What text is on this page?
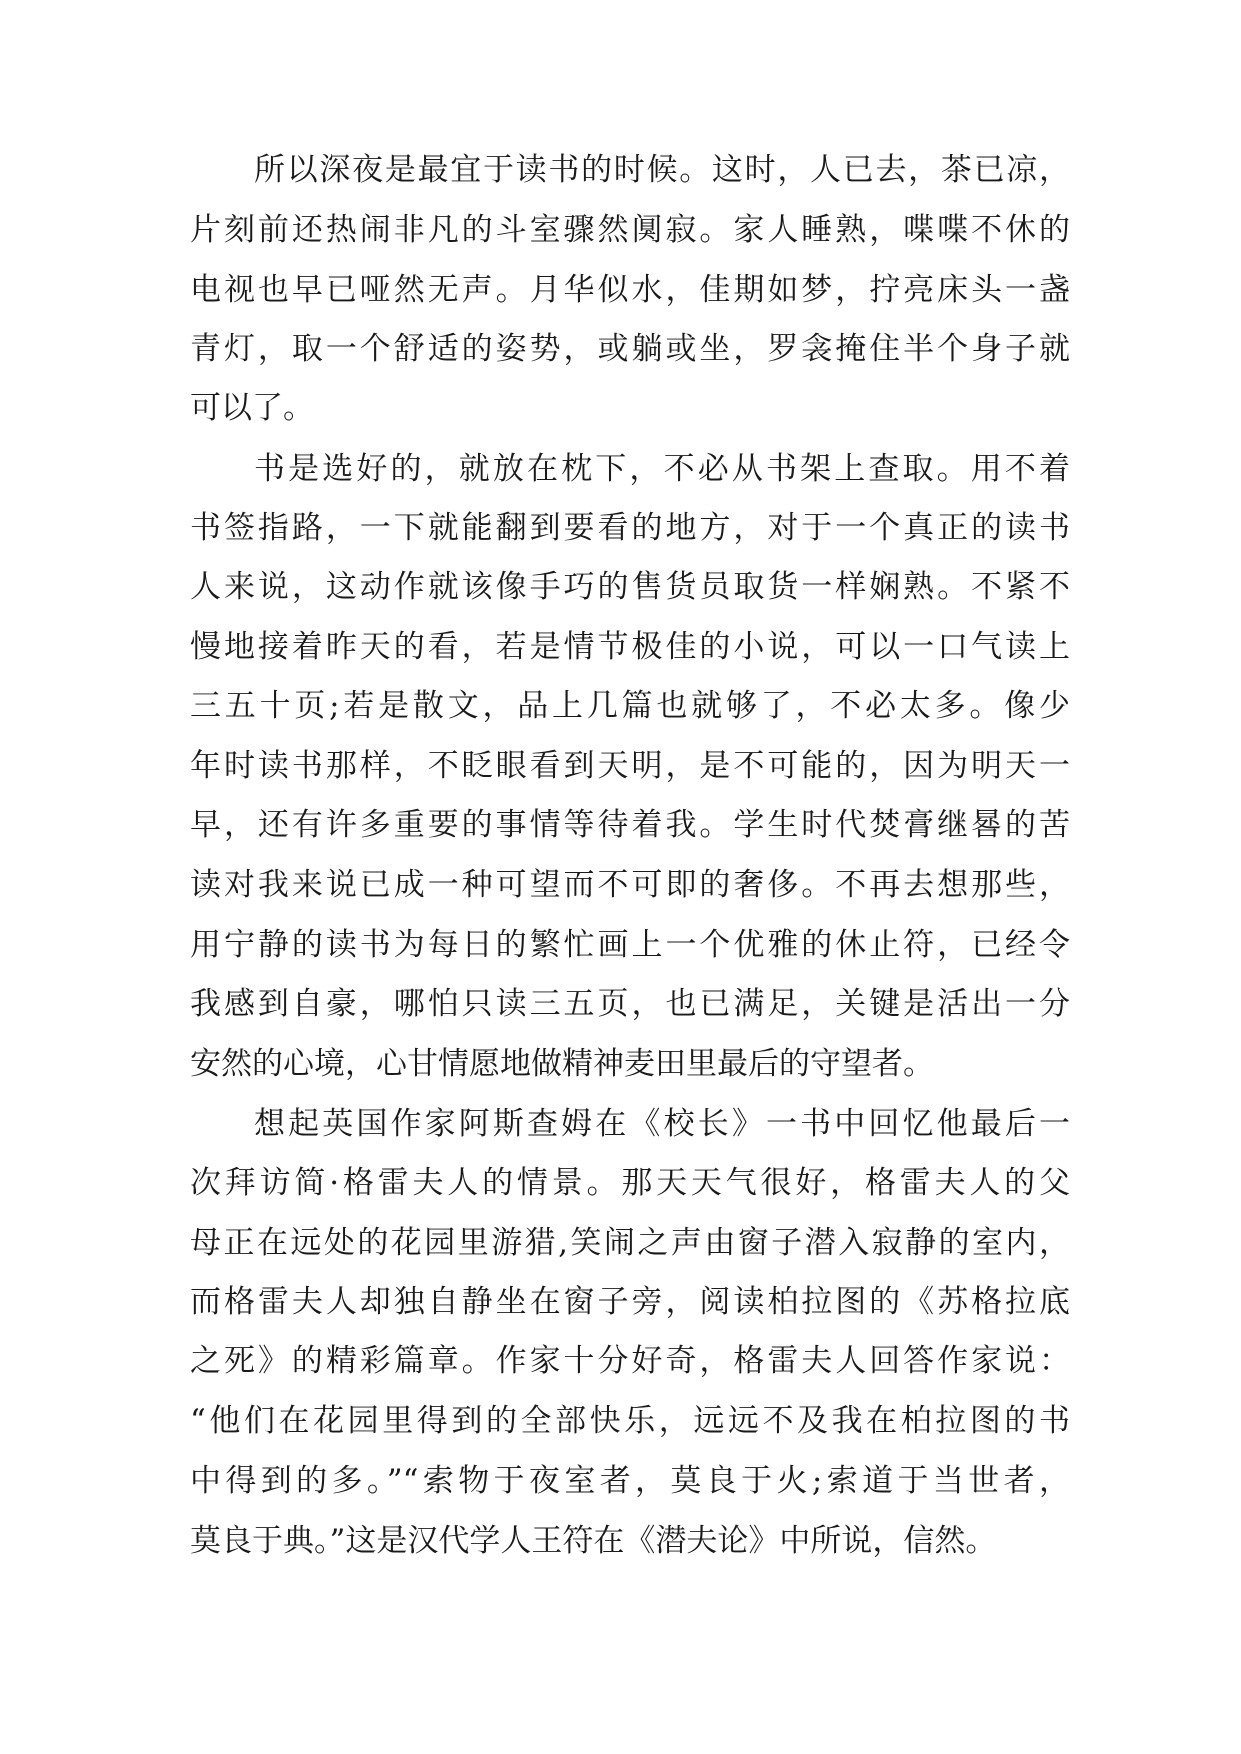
所以深夜是最宜于读书的时候。这时，人已去，茶已凉，
片刻前还热闹非凡的斗室骤然阒寂。家人睡熟，喋喋不休的
电视也早已哑然无声。月华似水，佳期如梦，拧亮床头一盏
青灯，取一个舒适的姿势，或躺或坐，罗衾掩住半个身子就
可以了。
书是选好的，就放在枕下，不必从书架上查取。用不着
书签指路，一下就能翻到要看的地方，对于一个真正的读书
人来说，这动作就该像手巧的售货员取货一样娴熟。不紧不
慢地接着昨天的看，若是情节极佳的小说，可以一口气读上
三五十页;若是散文，品上几篇也就够了，不必太多。像少
年时读书那样，不眨眼看到天明，是不可能的，因为明天一
早，还有许多重要的事情等待着我。学生时代焚膏继晷的苦
读对我来说已成一种可望而不可即的奢侈。不再去想那些，
用宁静的读书为每日的繁忙画上一个优雅的休止符，已经令
我感到自豪，哪怕只读三五页，也已满足，关键是活出一分
安然的心境，心甘情愿地做精神麦田里最后的守望者。
想起英国作家阿斯查姆在《校长》一书中回忆他最后一
次拜访简·格雷夫人的情景。那天天气很好，格雷夫人的父
母正在远处的花园里游猎,笑闹之声由窗子潜入寂静的室内，
而格雷夫人却独自静坐在窗子旁，阅读柏拉图的《苏格拉底
之死》的精彩篇章。作家十分好奇，格雷夫人回答作家说：
“他们在花园里得到的全部快乐，远远不及我在柏拉图的书
中得到的多。”“索物于夜室者，莫良于火;索道于当世者，
莫良于典。”这是汉代学人王符在《潜夫论》中所说，信然。
